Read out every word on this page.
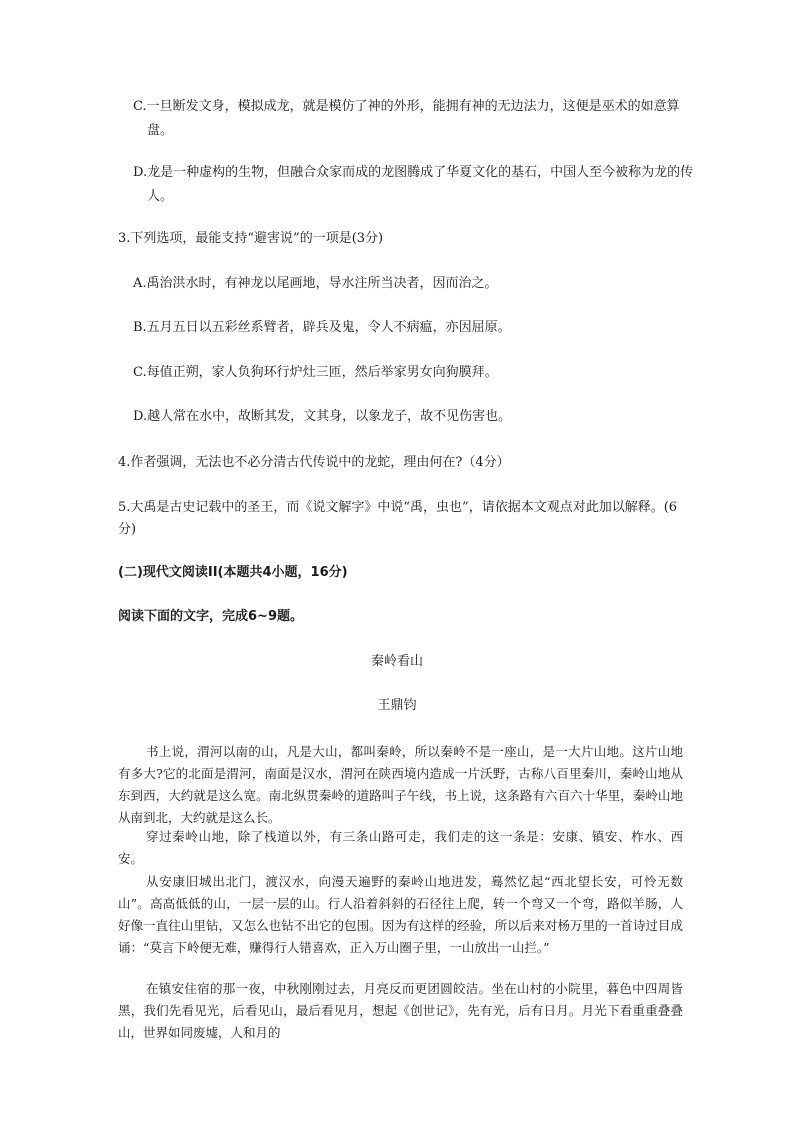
C.一旦断发文身，模拟成龙，就是模仿了神的外形，能拥有神的无边法力，这便是巫术的如意算盘。
D.龙是一种虚构的生物，但融合众家而成的龙图腾成了华夏文化的基石，中国人至今被称为龙的传人。
3.下列选项，最能支持“避害说”的一项是(3分)
A.禹治洪水时，有神龙以尾画地，导水注所当决者，因而治之。
B.五月五日以五彩丝系臂者，辟兵及鬼，令人不病瘟，亦因屈原。
C.每值正朔，家人负狗环行炉灶三匝，然后举家男女向狗膜拜。
D.越人常在水中，故断其发，文其身，以象龙子，故不见伤害也。
4.作者强调，无法也不必分清古代传说中的龙蛇，理由何在?（4分）
5.大禹是古史记载中的圣王，而《说文解字》中说“禹，虫也”，请依据本文观点对此加以解释。(6分)
(二)现代文阅读II(本题共4小题，16分)
阅读下面的文字，完成6~9题。
秦岭看山
王鼎钧
书上说，渭河以南的山，凡是大山，都叫秦岭，所以秦岭不是一座山，是一大片山地。这片山地有多大?它的北面是渭河，南面是汉水，渭河在陕西境内造成一片沃野，古称八百里秦川，秦岭山地从东到西，大约就是这么宽。南北纵贯秦岭的道路叫子午线，书上说，这条路有六百六十华里，秦岭山地从南到北，大约就是这么长。
穿过秦岭山地，除了栈道以外，有三条山路可走，我们走的这一条是：安康、镇安、柞水、西安。
从安康旧城出北门，渡汉水，向漫天遍野的秦岭山地进发，蓦然忆起“西北望长安，可怜无数山”。高高低低的山，一层一层的山。行人沿着斜斜的石径往上爬，转一个弯又一个弯，路似羊肠，人好像一直往山里钻，又怎么也钻不出它的包围。因为有这样的经验，所以后来对杨万里的一首诗过目成诵：“莫言下岭便无难，赚得行人错喜欢，正入万山圈子里，一山放出一山拦。”
在镇安住宿的那一夜，中秋刚刚过去，月亮反而更团圆皎洁。坐在山村的小院里，暮色中四周皆黑，我们先看见光，后看见山，最后看见月，想起《创世记》，先有光，后有日月。月光下看重重叠叠山，世界如同废墟，人和月的
